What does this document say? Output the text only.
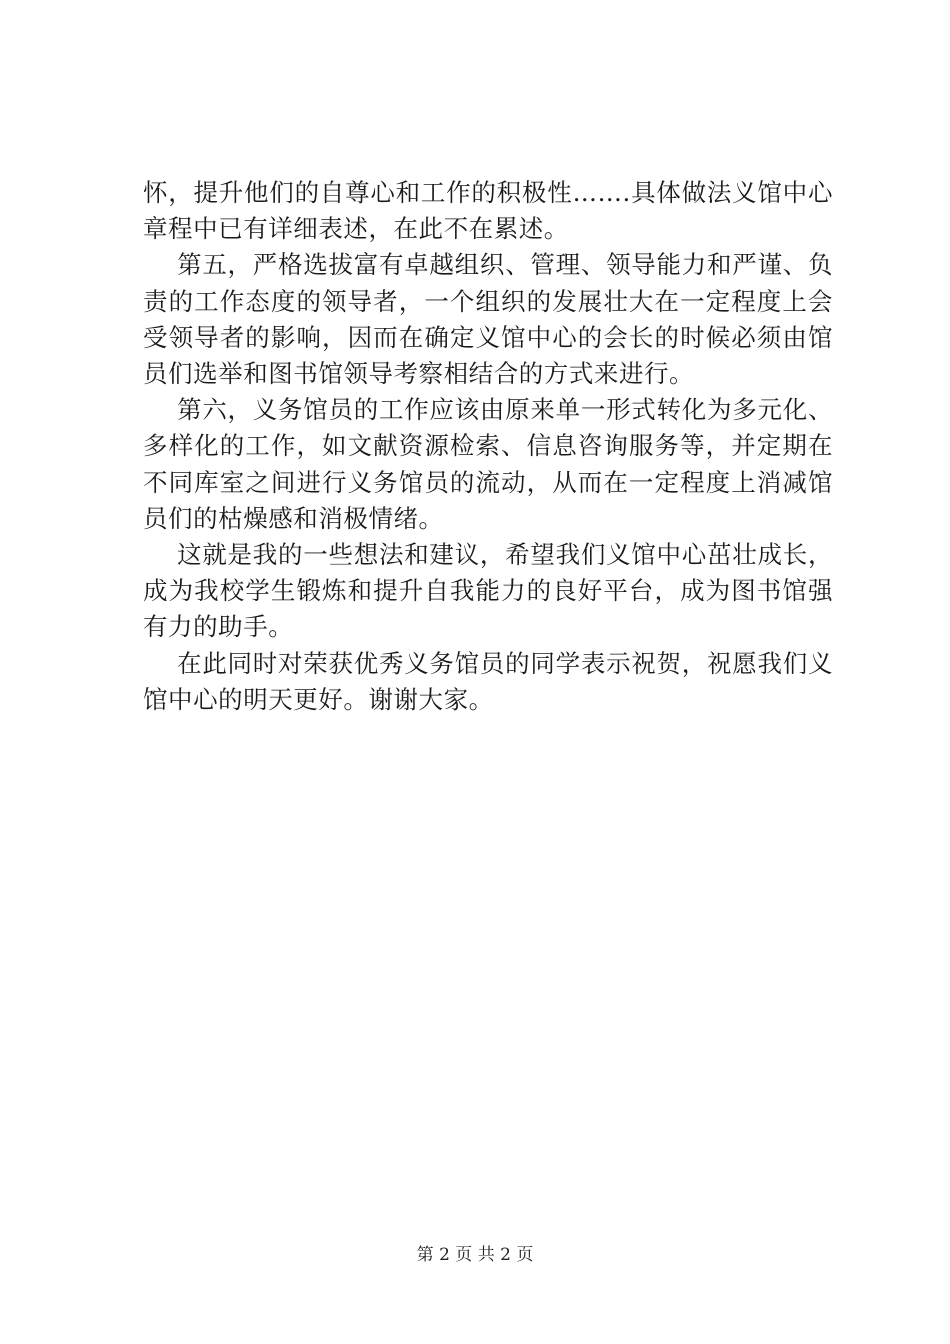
怀，提升他们的自尊心和工作的积极性…….具体做法义馆中心章程中已有详细表述，在此不在累述。

第五，严格选拔富有卓越组织、管理、领导能力和严谨、负责的工作态度的领导者，一个组织的发展壮大在一定程度上会受领导者的影响，因而在确定义馆中心的会长的时候必须由馆员们选举和图书馆领导考察相结合的方式来进行。

第六，义务馆员的工作应该由原来单一形式转化为多元化、多样化的工作，如文献资源检索、信息咨询服务等，并定期在不同库室之间进行义务馆员的流动，从而在一定程度上消减馆员们的枯燥感和消极情绪。

这就是我的一些想法和建议，希望我们义馆中心茁壮成长，成为我校学生锻炼和提升自我能力的良好平台，成为图书馆强有力的助手。

在此同时对荣获优秀义务馆员的同学表示祝贺，祝愿我们义馆中心的明天更好。谢谢大家。

第 2 页 共 2 页
